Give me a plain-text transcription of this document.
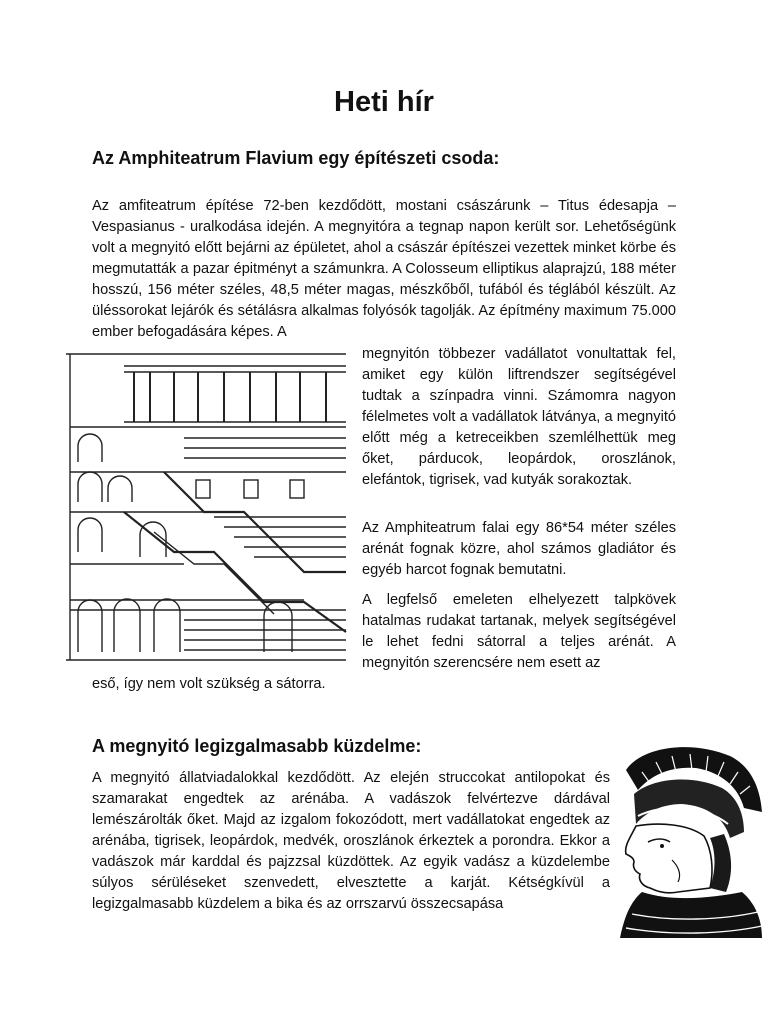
Heti hír
Az Amphiteatrum Flavium egy építészeti csoda:

Az amfiteatrum építése 72-ben kezdődött, mostani császárunk – Titus édesapja – Vespasianus - uralkodása idején. A megnyitóra a tegnap napon került sor. Lehetőségünk volt a megnyitó előtt bejárni az épületet, ahol a császár építészei vezettek minket körbe és megmutatták a pazar épitményt a számunkra. A Colosseum elliptikus alaprajzú, 188 méter hosszú, 156 méter széles, 48,5 méter magas, mészkőből, tufából és téglából készült. Az üléssorokat lejárók és sétálásra alkalmas folyósók tagolják. Az építmény maximum 75.000 ember befogadására képes. A

megnyitón többezer vadállatot vonultattak fel, amiket egy külön liftrendszer segítségével tudtak a színpadra vinni. Számomra nagyon félelmetes volt a vadállatok látványa, a megnyitó előtt még a ketreceikben szemlélhettük meg őket, párducok, leopárdok, oroszlánok, elefántok, tigrisek, vad kutyák sorakoztak.

Az Amphiteatrum falai egy 86*54 méter széles arénát fognak közre, ahol számos gladiátor és egyéb harcot fognak bemutatni.

A legfelső emeleten elhelyezett talpkövek hatalmas rudakat tartanak, melyek segítségével le lehet fedni sátorral a teljes arénát. A megnyitón szerencsére nem esett az

eső, így nem volt szükség a sátorra.

A megnyitó legizgalmasabb küzdelme:

A megnyitó állatviadalokkal kezdődött. Az elején struccokat antilopokat és szamarakat engedtek az arénába. A vadászok felvértezve dárdával lemészárolták őket. Majd az izgalom fokozódott, mert vadállatokat engedtek az arénába, tigrisek, leopárdok, medvék, oroszlánok érkeztek a porondra. Ekkor a vadászok már karddal és pajzzsal küzdöttek. Az egyik vadász a küzdelembe súlyos sérüléseket szenvedett, elvesztette a karját. Kétségkívül a legizgalmasabb küzdelem a bika és az orrszarvú összecsapása
